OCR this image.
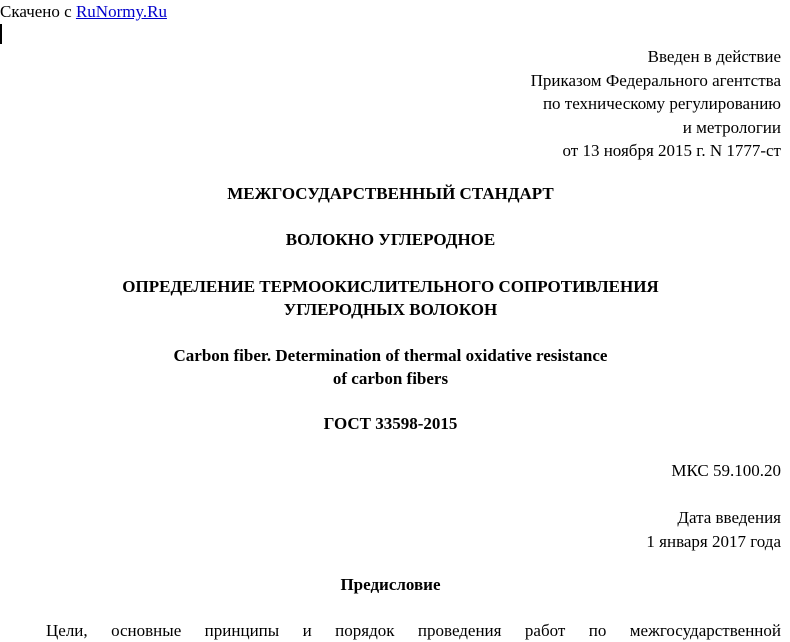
Скачено с RuNormy.Ru
Введен в действие
Приказом Федерального агентства
по техническому регулированию
и метрологии
от 13 ноября 2015 г. N 1777-ст
МЕЖГОСУДАРСТВЕННЫЙ СТАНДАРТ
ВОЛОКНО УГЛЕРОДНОЕ
ОПРЕДЕЛЕНИЕ ТЕРМООКИСЛИТЕЛЬНОГО СОПРОТИВЛЕНИЯ
УГЛЕРОДНЫХ ВОЛОКОН
Carbon fiber. Determination of thermal oxidative resistance
of carbon fibers
ГОСТ 33598-2015
МКС 59.100.20
Дата введения
1 января 2017 года
Предисловие
Цели, основные принципы и порядок проведения работ по межгосударственной
